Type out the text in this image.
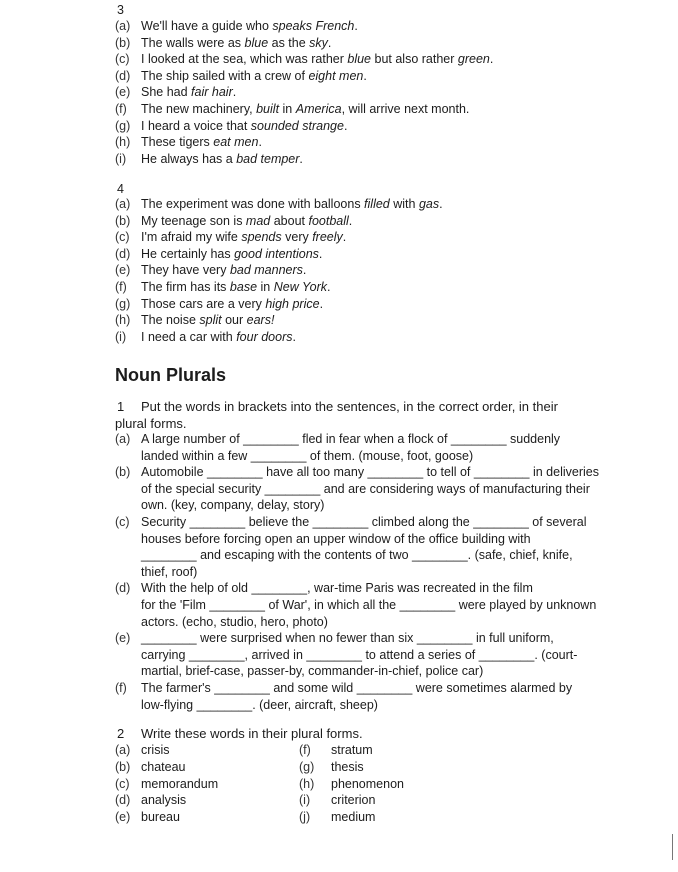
3
(a) We'll have a guide who speaks French.
(b) The walls were as blue as the sky.
(c) I looked at the sea, which was rather blue but also rather green.
(d) The ship sailed with a crew of eight men.
(e) She had fair hair.
(f) The new machinery, built in America, will arrive next month.
(g) I heard a voice that sounded strange.
(h) These tigers eat men.
(i) He always has a bad temper.
4
(a) The experiment was done with balloons filled with gas.
(b) My teenage son is mad about football.
(c) I'm afraid my wife spends very freely.
(d) He certainly has good intentions.
(e) They have very bad manners.
(f) The firm has its base in New York.
(g) Those cars are a very high price.
(h) The noise split our ears!
(i) I need a car with four doors.
Noun Plurals
1 Put the words in brackets into the sentences, in the correct order, in their
plural forms.
(a) A large number of ________ fled in fear when a flock of ________ suddenly
landed within a few ________ of them. (mouse, foot, goose)
(b) Automobile ________ have all too many ________ to tell of ________ in deliveries
of the special security ________ and are considering ways of manufacturing their
own. (key, company, delay, story)
(c) Security ________ believe the ________ climbed along the ________ of several
houses before forcing open an upper window of the office building with
________ and escaping with the contents of two ________. (safe, chief, knife,
thief, roof)
(d) With the help of old ________, war-time Paris was recreated in the film
for the 'Film ________ of War', in which all the ________ were played by unknown
actors. (echo, studio, hero, photo)
(e) ________ were surprised when no fewer than six ________ in full uniform,
carrying ________, arrived in ________ to attend a series of ________. (court-
martial, brief-case, passer-by, commander-in-chief, police car)
(f) The farmer's ________ and some wild ________ were sometimes alarmed by
low-flying ________. (deer, aircraft, sheep)
2 Write these words in their plural forms.
(a) crisis
(b) chateau
(c) memorandum
(d) analysis
(e) bureau
(f) stratum
(g) thesis
(h) phenomenon
(i) criterion
(j) medium
